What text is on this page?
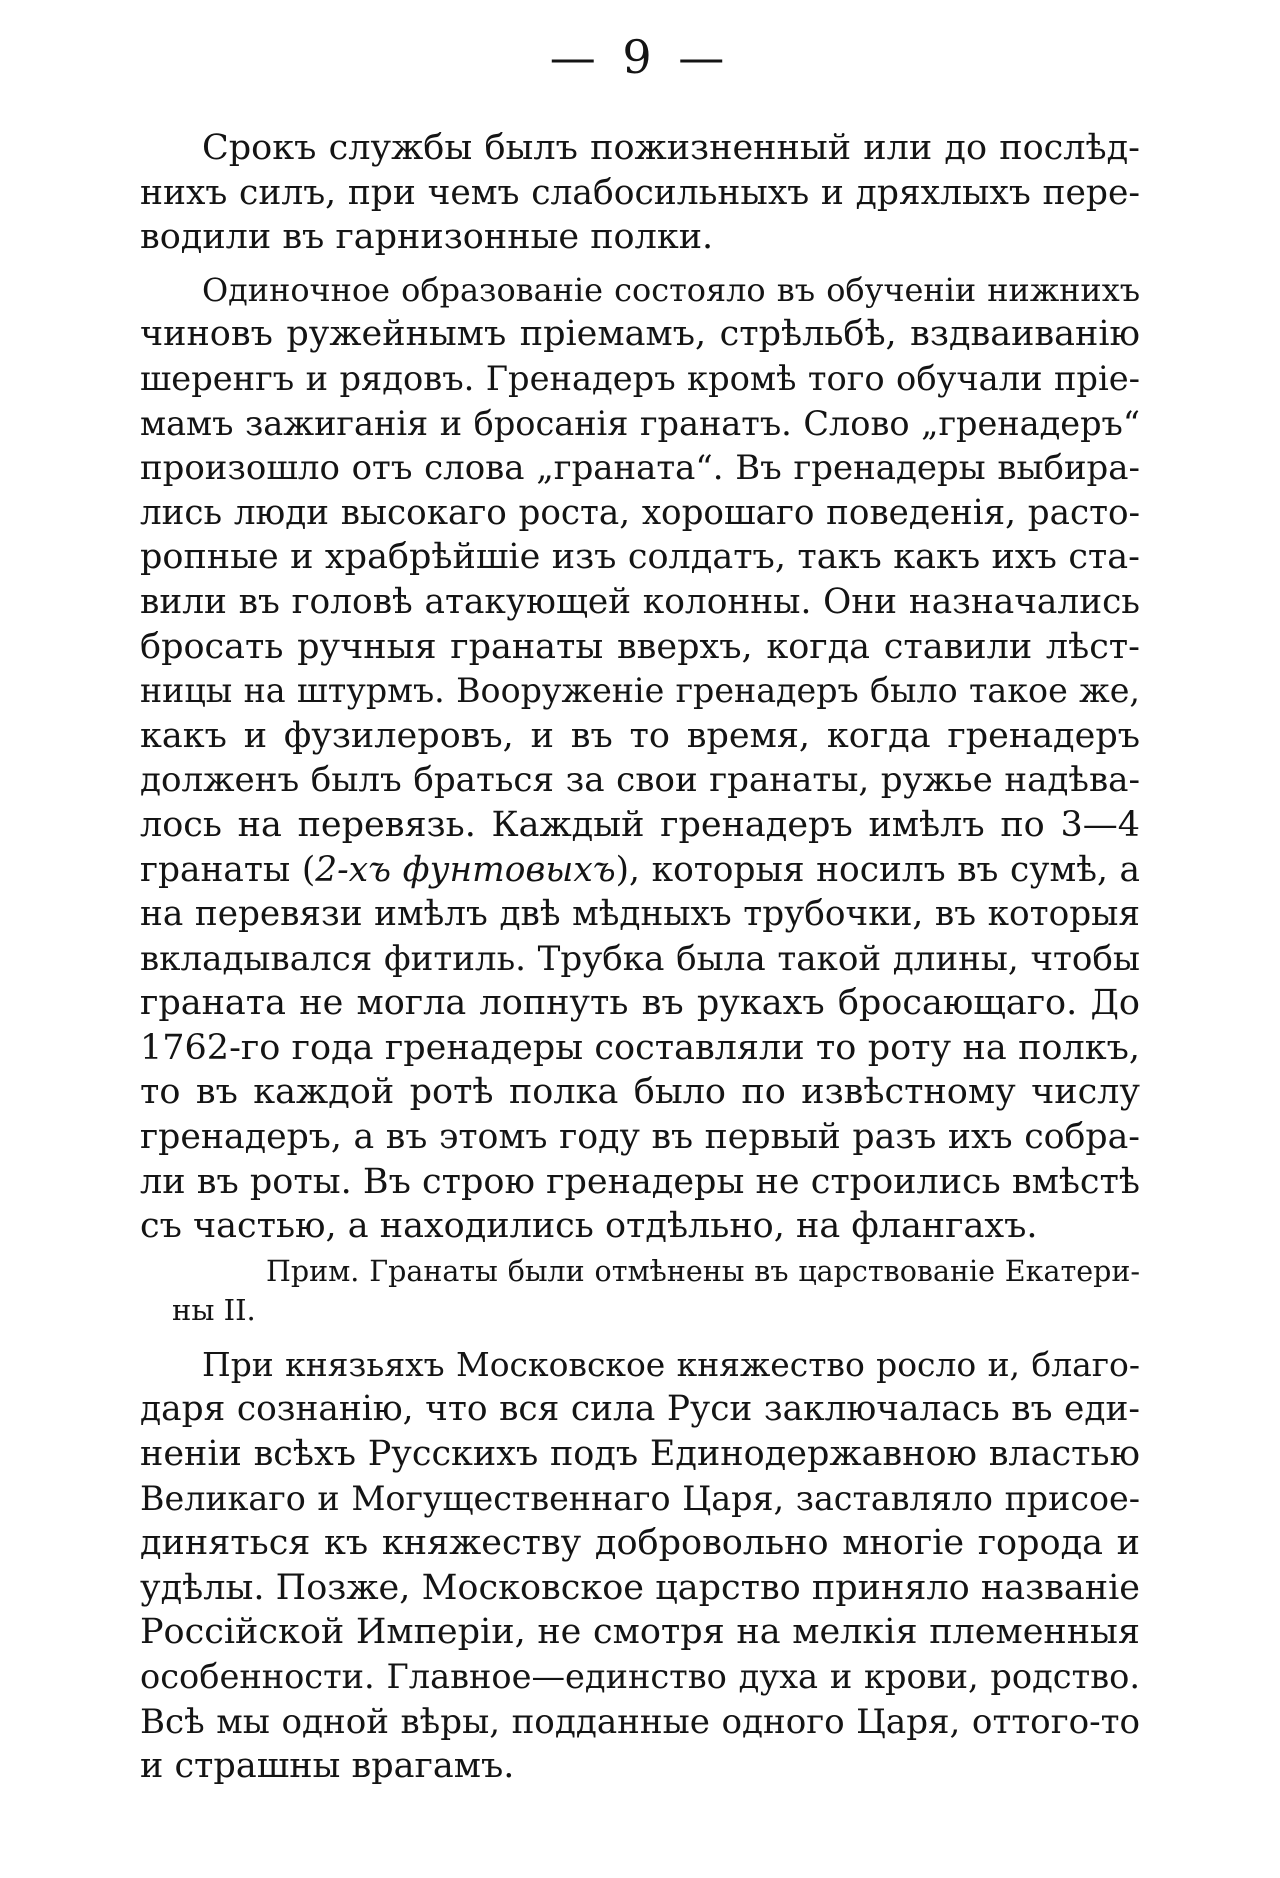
— 9 —
Срокъ службы былъ пожизненный или до послѣд-
нихъ силъ, при чемъ слабосильныхъ и дряхлыхъ пере-
водили въ гарнизонные полки.
Одиночное образованіе состояло въ обученіи нижнихъ
чиновъ ружейнымъ пріемамъ, стрѣльбѣ, вздваиванію
шеренгъ и рядовъ. Гренадеръ кромѣ того обучали пріе-
мамъ зажиганія и бросанія гранатъ. Слово „гренадеръ“
произошло отъ слова „граната“. Въ гренадеры выбира-
лись люди высокаго роста, хорошаго поведенія, расто-
ропные и храбрѣйшіе изъ солдатъ, такъ какъ ихъ ста-
вили въ головѣ атакующей колонны. Они назначались
бросать ручныя гранаты вверхъ, когда ставили лѣст-
ницы на штурмъ. Вооруженіе гренадеръ было такое же,
какъ и фузилеровъ, и въ то время, когда гренадеръ
долженъ былъ браться за свои гранаты, ружье надѣва-
лось на перевязь. Каждый гренадеръ имѣлъ по 3—4
гранаты (2-хъ фунтовыхъ), которыя носилъ въ сумѣ, а
на перевязи имѣлъ двѣ мѣдныхъ трубочки, въ которыя
вкладывался фитиль. Трубка была такой длины, чтобы
граната не могла лопнуть въ рукахъ бросающаго. До
1762-го года гренадеры составляли то роту на полкъ,
то въ каждой ротѣ полка было по извѣстному числу
гренадеръ, а въ этомъ году въ первый разъ ихъ собра-
ли въ роты. Въ строю гренадеры не строились вмѣстѣ
съ частью, а находились отдѣльно, на флангахъ.
Прим. Гранаты были отмѣнены въ царствованіе Екатери-
ны II.
При князьяхъ Московское княжество росло и, благо-
даря сознанію, что вся сила Руси заключалась въ еди-
неніи всѣхъ Русскихъ подъ Единодержавною властью
Великаго и Могущественнаго Царя, заставляло присое-
диняться къ княжеству добровольно многіе города и
удѣлы. Позже, Московское царство приняло названіе
Россійской Имперіи, не смотря на мелкія племенныя
особенности. Главное—единство духа и крови, родство.
Всѣ мы одной вѣры, подданные одного Царя, оттого-то
и страшны врагамъ.
